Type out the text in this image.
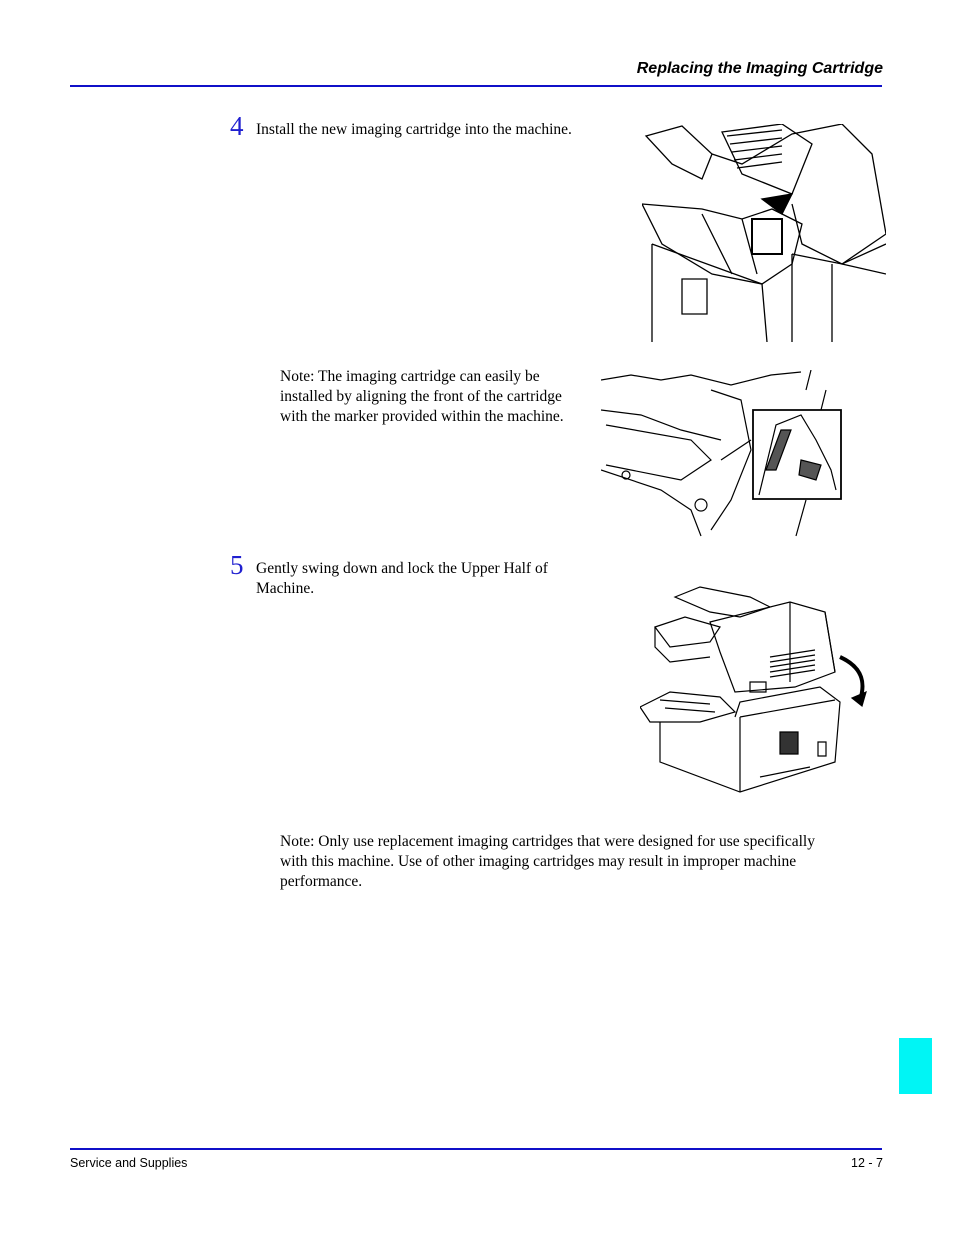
Replacing the Imaging Cartridge
4 Install the new imaging cartridge into the machine.
Note: The imaging cartridge can easily be installed by aligning the front of the cartridge with the marker provided within the machine.
5 Gently swing down and lock the Upper Half of Machine.
Note: Only use replacement imaging cartridges that were designed for use specifically with this machine. Use of other imaging cartridges may result in improper machine performance.
Service and Supplies	12 - 7
